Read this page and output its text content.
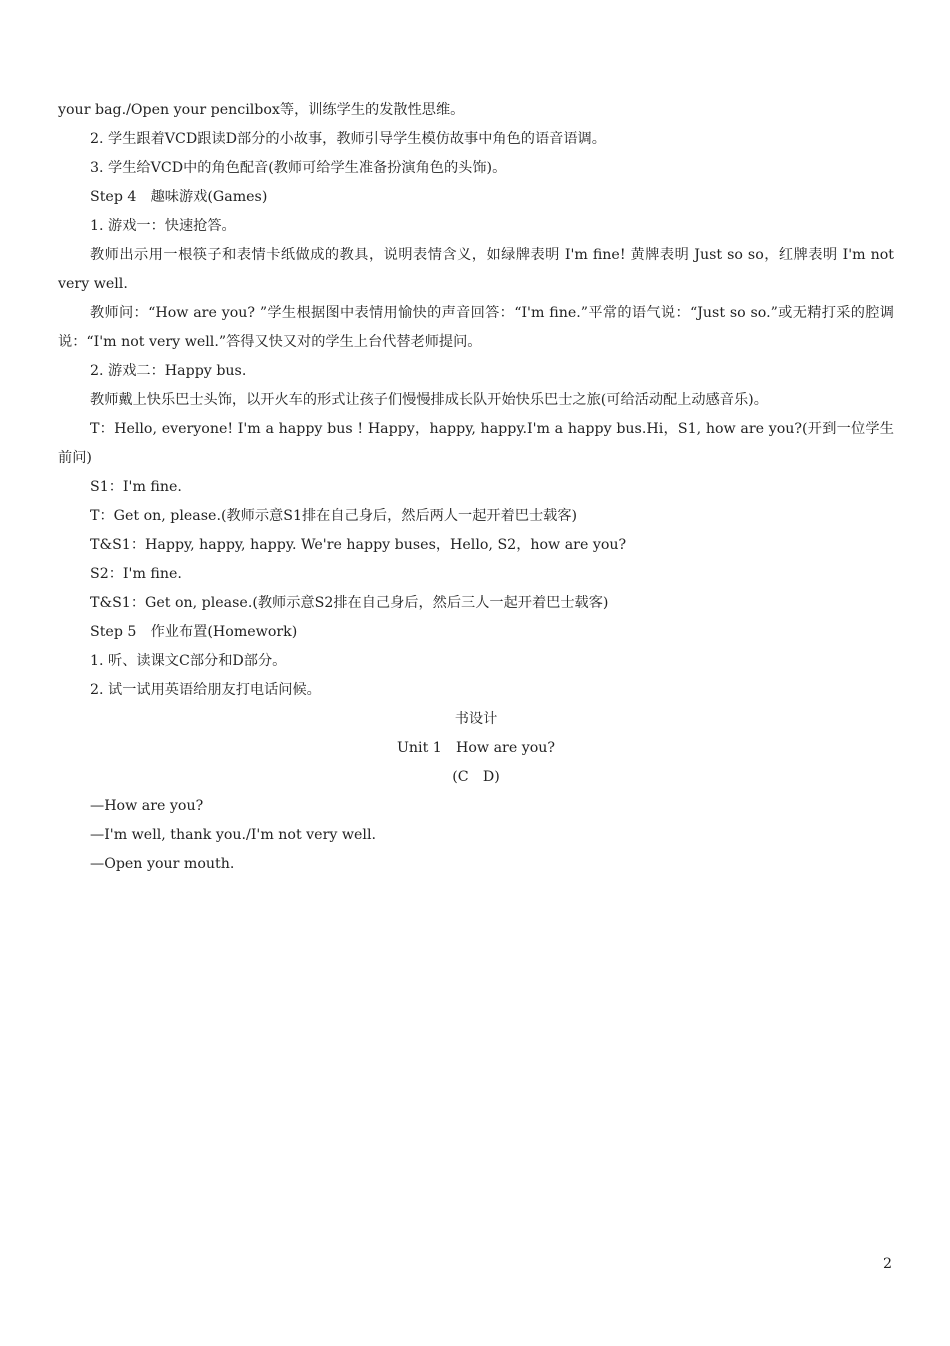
your bag./Open your pencilbox等，训练学生的发散性思维。

2. 学生跟着VCD跟读D部分的小故事，教师引导学生模仿故事中角色的语音语调。

3. 学生给VCD中的角色配音(教师可给学生准备扮演角色的头饰)。

Step 4　趣味游戏(Games)

1. 游戏一：快速抢答。

教师出示用一根筷子和表情卡纸做成的教具，说明表情含义，如绿牌表明 I'm fine! 黄牌表明 Just so so，红牌表明 I'm not very well.

教师问：“How are you? ”学生根据图中表情用愉快的声音回答：“I'm fine.”平常的语气说：“Just so so.”或无精打采的腔调说：“I'm not very well.”答得又快又对的学生上台代替老师提问。

2. 游戏二：Happy bus.

教师戴上快乐巴士头饰，以开火车的形式让孩子们慢慢排成长队开始快乐巴士之旅(可给活动配上动感音乐)。

T：Hello, everyone! I'm a happy bus ! Happy，happy, happy.I'm a happy bus.Hi，S1, how are you?(开到一位学生前问)

S1：I'm fine.

T：Get on, please.(教师示意S1排在自己身后，然后两人一起开着巴士载客)

T&S1：Happy, happy, happy. We're happy buses，Hello, S2，how are you?

S2：I'm fine.

T&S1：Get on, please.(教师示意S2排在自己身后，然后三人一起开着巴士载客)

Step 5　作业布置(Homework)

1. 听、读课文C部分和D部分。

2. 试一试用英语给朋友打电话问候。

书设计

Unit 1　How are you?

(C　D)

—How are you?

—I'm well, thank you./I'm not very well.

—Open your mouth.

2
